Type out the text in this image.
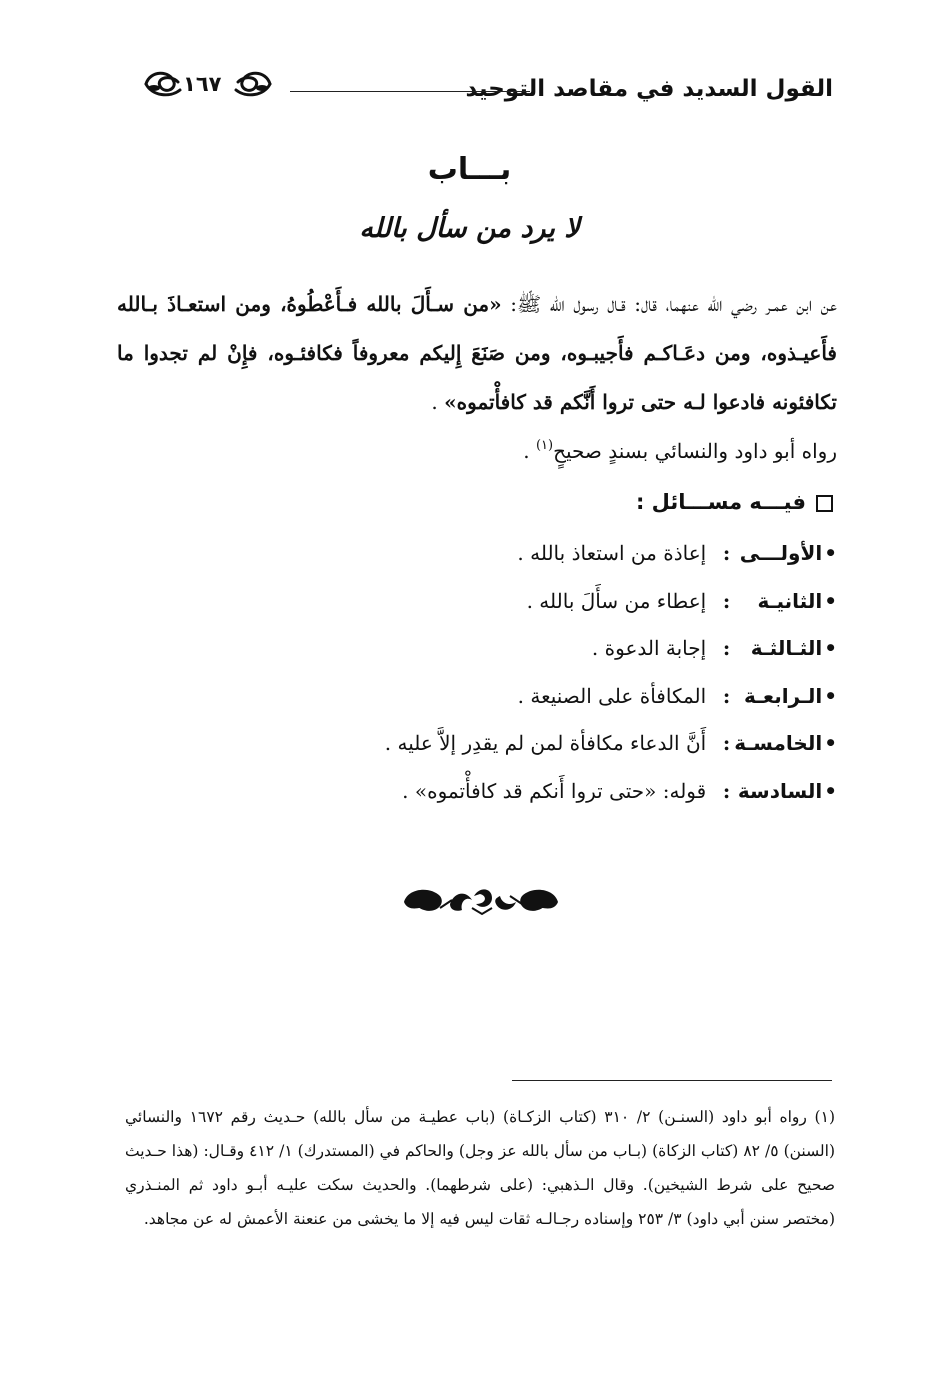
القول السديد في مقاصد التوحيد
١٦٧
بـــاب
لا يرد من سأل بالله

عن ابن عمـر رضي الله عنهما، قال: قـال رسول الله ﷺ: «من سـأَلَ بالله فـأَعْطُوهُ، ومن استعـاذَ بـالله فأَعيـذوه، ومن دعَـاكـم فأَجيبـوه، ومن صَنَعَ إِليكم معروفاً فكافئـوه، فإِنْ لم تجدوا ما تكافئونه فادعوا لـه حتى تروا أَنَّكم قد كافأْتموه» .

رواه أبو داود والنسائي بسندٍ صحيحٍ$^{(١)}$ .

فيـــه مســـائل :
•الأولـــى:إعاذة من استعاذ بالله .
•الثانيـة:إعطاء من سأَلَ بالله .
•الثـالثـة:إجابة الدعوة .
•الـرابعـة:المكافأة على الصنيعة .
•الخامسـة:أَنَّ الدعاء مكافأة لمن لم يقدِر إلاَّ عليه .
•السادسة:قوله: «حتى تروا أَنكم قد كافأْتموه» .

(١) رواه أبو داود (السنـن) ٢/ ٣١٠ (كتاب الزكـاة) (باب عطيـة من سأل بالله) حـديث رقم ١٦٧٢ والنسائي (السنن) ٥/ ٨٢ (كتاب الزكاة) (بـاب من سأل بالله عز وجل) والحاكم في (المستدرك) ١/ ٤١٢ وقـال: (هذا حـديث صحيح على شرط الشيخين). وقال الـذهبي: (على شرطهما). والحديث سكت عليـه أبـو داود ثم المنـذري (مختصر سنن أبي داود) ٣/ ٢٥٣ وإسناده رجـالـه ثقات ليس فيه إلا ما يخشى من عنعنة الأعمش له عن مجاهد.
